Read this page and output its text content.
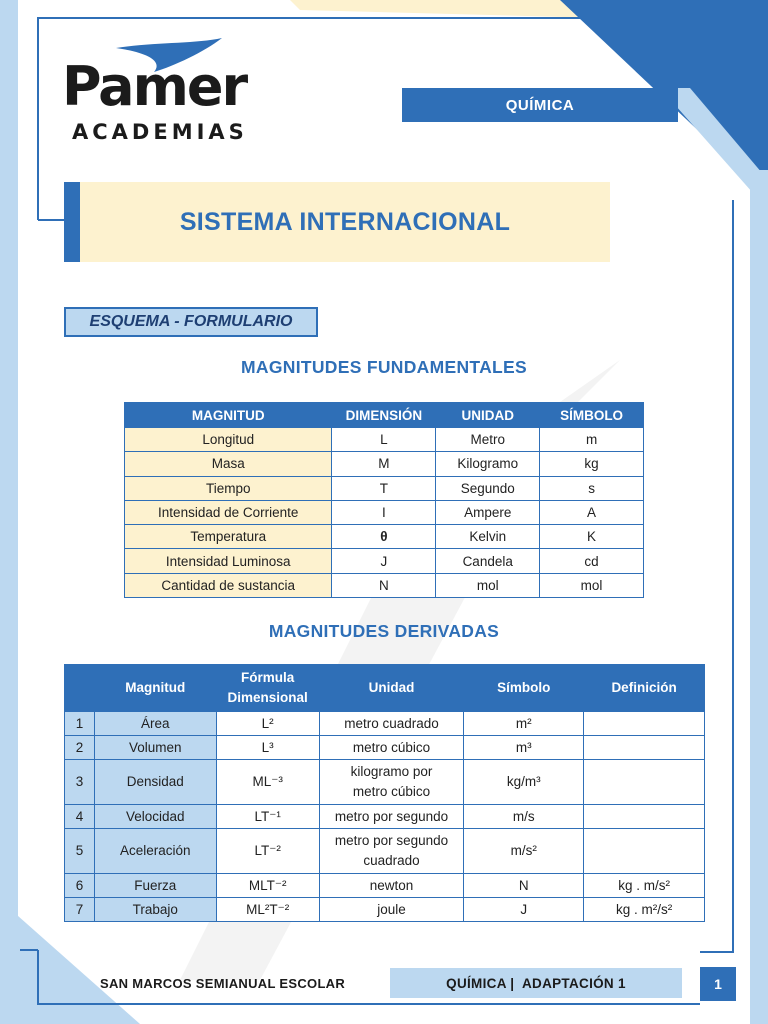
Pamer
ACADEMIAS
QUÍMICA
SISTEMA INTERNACIONAL
ESQUEMA - FORMULARIO
MAGNITUDES FUNDAMENTALES
MAGNITUD	DIMENSIÓN	UNIDAD	SÍMBOLO
Longitud	L	Metro	m
Masa	M	Kilogramo	kg
Tiempo	T	Segundo	s
Intensidad de Corriente	I	Ampere	A
Temperatura	θ	Kelvin	K
Intensidad Luminosa	J	Candela	cd
Cantidad de sustancia	N	mol	mol
MAGNITUDES DERIVADAS
	Magnitud	Fórmula Dimensional	Unidad	Símbolo	Definición
1	Área	L²	metro cuadrado	m²	
2	Volumen	L³	metro cúbico	m³	
3	Densidad	ML⁻³	kilogramo por metro cúbico	kg/m³	
4	Velocidad	LT⁻¹	metro por segundo	m/s	
5	Aceleración	LT⁻²	metro por segundo cuadrado	m/s²	
6	Fuerza	MLT⁻²	newton	N	kg . m/s²
7	Trabajo	ML²T⁻²	joule	J	kg . m²/s²
SAN MARCOS SEMIANUAL ESCOLAR	QUÍMICA |  ADAPTACIÓN 1	1
